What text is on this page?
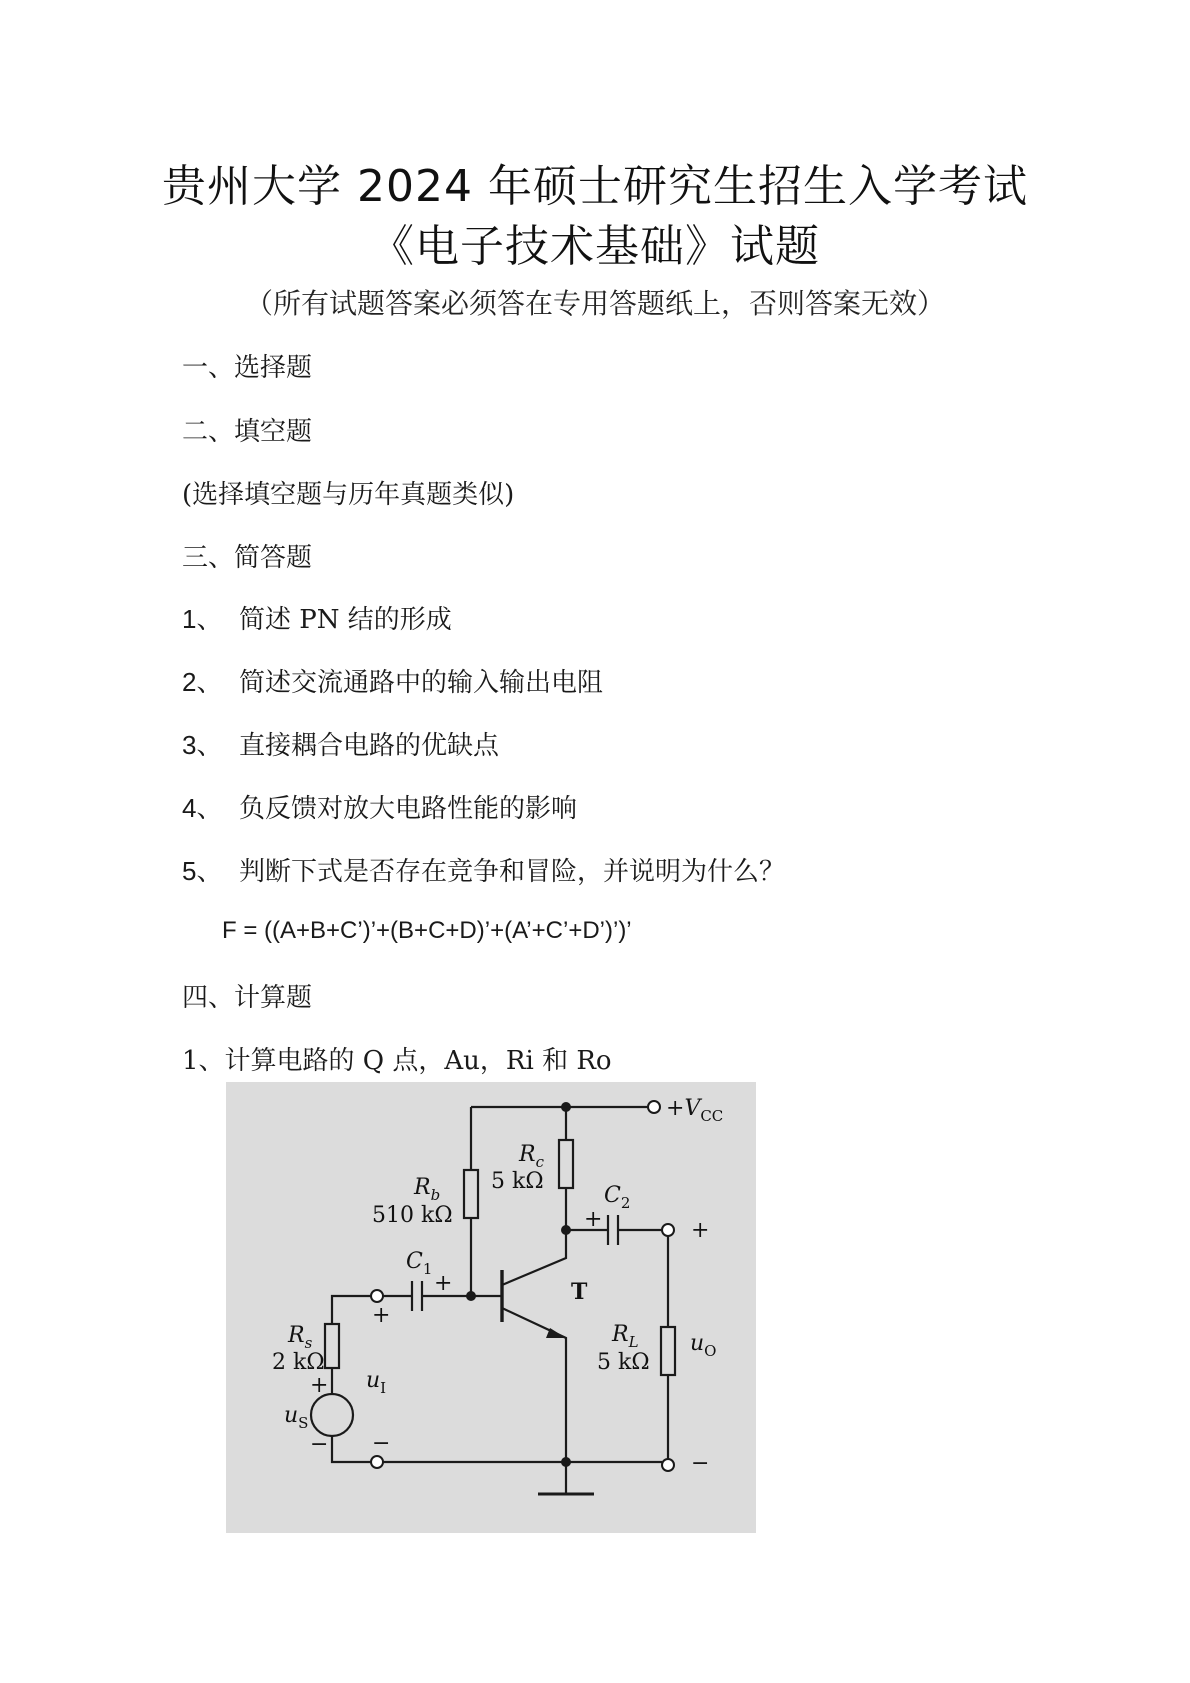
贵州大学 2024 年硕士研究生招生入学考试
《电子技术基础》试题
（所有试题答案必须答在专用答题纸上，否则答案无效）
一、选择题
二、填空题
(选择填空题与历年真题类似)
三、简答题
1、 简述 PN 结的形成
2、 简述交流通路中的输入输出电阻
3、 直接耦合电路的优缺点
4、 负反馈对放大电路性能的影响
5、 判断下式是否存在竞争和冒险，并说明为什么？
F = ((A+B+C’)’+(B+C+D)’+(A’+C’+D’)’)’
四、计算题
1、计算电路的 Q 点，Au，Ri 和 Ro
$+V_{CC}$
$R_b$
510 kΩ
$R_c$
5 kΩ
$C_2$
+
$C_1$
+	T
+
−
+
−
$R_s$
2 kΩ
+
−
$u_S$
$u_I$
$R_L$
5 kΩ
$u_O$
